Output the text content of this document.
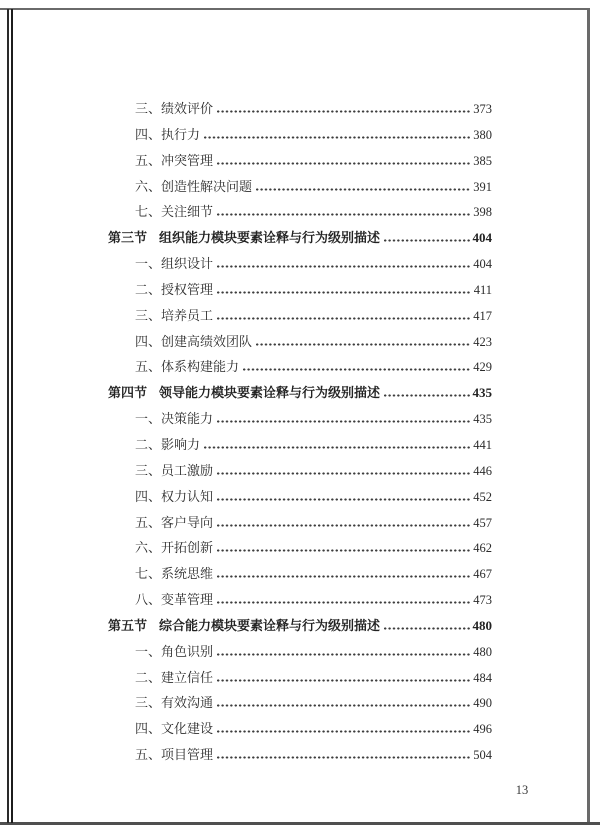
三、 绩效评价	373
四、 执行力	380
五、 冲突管理	385
六、 创造性解决问题	391
七、 关注细节	398
第三节 组织能力模块要素诠释与行为级别描述	404
一、 组织设计	404
二、 授权管理	411
三、 培养员工	417
四、 创建高绩效团队	423
五、 体系构建能力	429
第四节 领导能力模块要素诠释与行为级别描述	435
一、 决策能力	435
二、 影响力	441
三、 员工激励	446
四、 权力认知	452
五、 客户导向	457
六、 开拓创新	462
七、 系统思维	467
八、 变革管理	473
第五节 综合能力模块要素诠释与行为级别描述	480
一、 角色识别	480
二、 建立信任	484
三、 有效沟通	490
四、 文化建设	496
五、 项目管理	504
13
